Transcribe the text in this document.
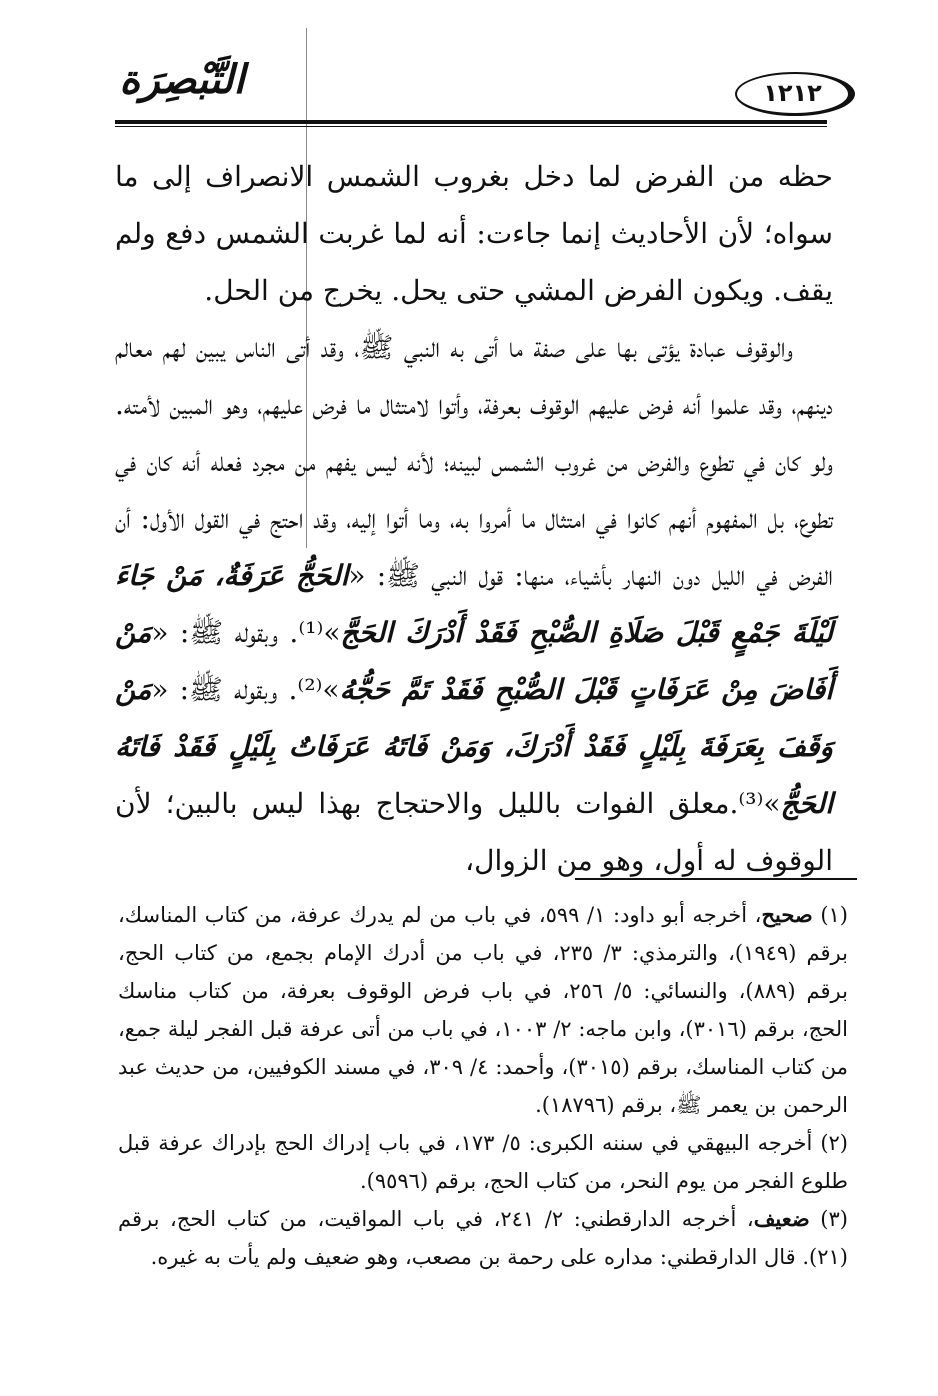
التَّبْصِرَة	١٢١٢

حظه من الفرض لما دخل بغروب الشمس الانصراف إلى ما سواه؛ لأن الأحاديث إنما جاءت: أنه لما غربت الشمس دفع ولم يقف. ويكون الفرض المشي حتى يحل. يخرج من الحل.

والوقوف عبادة يؤتى بها على صفة ما أتى به النبي ﷺ، وقد أتى الناس يبين لهم معالم دينهم، وقد علموا أنه فرض عليهم الوقوف بعرفة، وأتوا لامتثال ما فرض عليهم، وهو المبين لأمته. ولو كان في تطوع والفرض من غروب الشمس لبينه؛ لأنه ليس يفهم من مجرد فعله أنه كان في تطوع، بل المفهوم أنهم كانوا في امتثال ما أمروا به، وما أتوا إليه، وقد احتج في القول الأول: أن الفرض في الليل دون النهار بأشياء، منها: قول النبي ﷺ: «الحَجُّ عَرَفَةٌ، مَنْ جَاءَ لَيْلَةَ جَمْعٍ قَبْلَ صَلَاةِ الصُّبْحِ فَقَدْ أَدْرَكَ الحَجَّ»⁽¹⁾. وبقوله ﷺ: «مَنْ أَفَاضَ مِنْ عَرَفَاتٍ قَبْلَ الصُّبْحِ فَقَدْ تَمَّ حَجُّهُ»⁽²⁾. وبقوله ﷺ: «مَنْ وَقَفَ بِعَرَفَةَ بِلَيْلٍ فَقَدْ أَدْرَكَ، وَمَنْ فَاتَهُ عَرَفَاتٌ بِلَيْلٍ فَقَدْ فَاتَهُ الحَجُّ»⁽³⁾.معلق الفوات بالليل والاحتجاج بهذا ليس بالبين؛ لأن الوقوف له أول، وهو من الزوال،

(١) صحيح، أخرجه أبو داود: ١/ ٥٩٩، في باب من لم يدرك عرفة، من كتاب المناسك، برقم (١٩٤٩)، والترمذي: ٣/ ٢٣٥، في باب من أدرك الإمام بجمع، من كتاب الحج، برقم (٨٨٩)، والنسائي: ٥/ ٢٥٦، في باب فرض الوقوف بعرفة، من كتاب مناسك الحج، برقم (٣٠١٦)، وابن ماجه: ٢/ ١٠٠٣، في باب من أتى عرفة قبل الفجر ليلة جمع، من كتاب المناسك، برقم (٣٠١٥)، وأحمد: ٤/ ٣٠٩، في مسند الكوفيين، من حديث عبد الرحمن بن يعمر ﷺ، برقم (١٨٧٩٦).

(٢) أخرجه البيهقي في سننه الكبرى: ٥/ ١٧٣، في باب إدراك الحج بإدراك عرفة قبل طلوع الفجر من يوم النحر، من كتاب الحج، برقم (٩٥٩٦).

(٣) ضعيف، أخرجه الدارقطني: ٢/ ٢٤١، في باب المواقيت، من كتاب الحج، برقم (٢١). قال الدارقطني: مداره على رحمة بن مصعب، وهو ضعيف ولم يأت به غيره.
